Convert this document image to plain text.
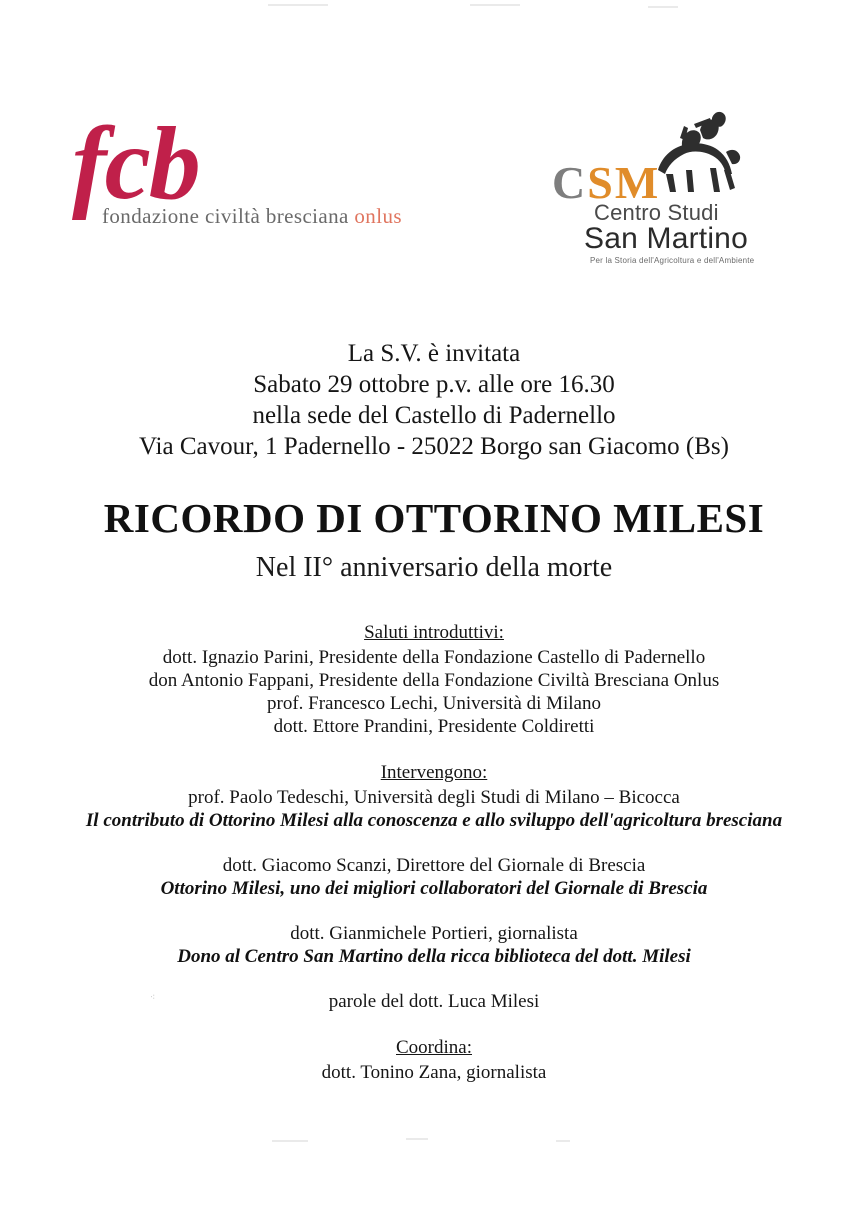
⁖
fcb
fondazione civiltà bresciana onlus
CSM
Centro Studi
San Martino
Per la Storia dell'Agricoltura e dell'Ambiente
La S.V. è invitata
Sabato 29 ottobre p.v. alle ore 16.30
nella sede del Castello di Padernello
Via Cavour, 1 Padernello - 25022 Borgo san Giacomo (Bs)
RICORDO DI OTTORINO MILESI
Nel II° anniversario della morte
Saluti introduttivi:
dott. Ignazio Parini, Presidente della Fondazione Castello di Padernello
don Antonio Fappani, Presidente della Fondazione Civiltà Bresciana Onlus
prof. Francesco Lechi, Università di Milano
dott. Ettore Prandini, Presidente Coldiretti
Intervengono:
prof. Paolo Tedeschi, Università degli Studi di Milano – Bicocca
Il contributo di Ottorino Milesi alla conoscenza e allo sviluppo dell'agricoltura bresciana
dott. Giacomo Scanzi, Direttore del Giornale di Brescia
Ottorino Milesi, uno dei migliori collaboratori del Giornale di Brescia
dott. Gianmichele Portieri, giornalista
Dono al Centro San Martino della ricca biblioteca del dott. Milesi
parole del dott. Luca Milesi
Coordina:
dott. Tonino Zana, giornalista
